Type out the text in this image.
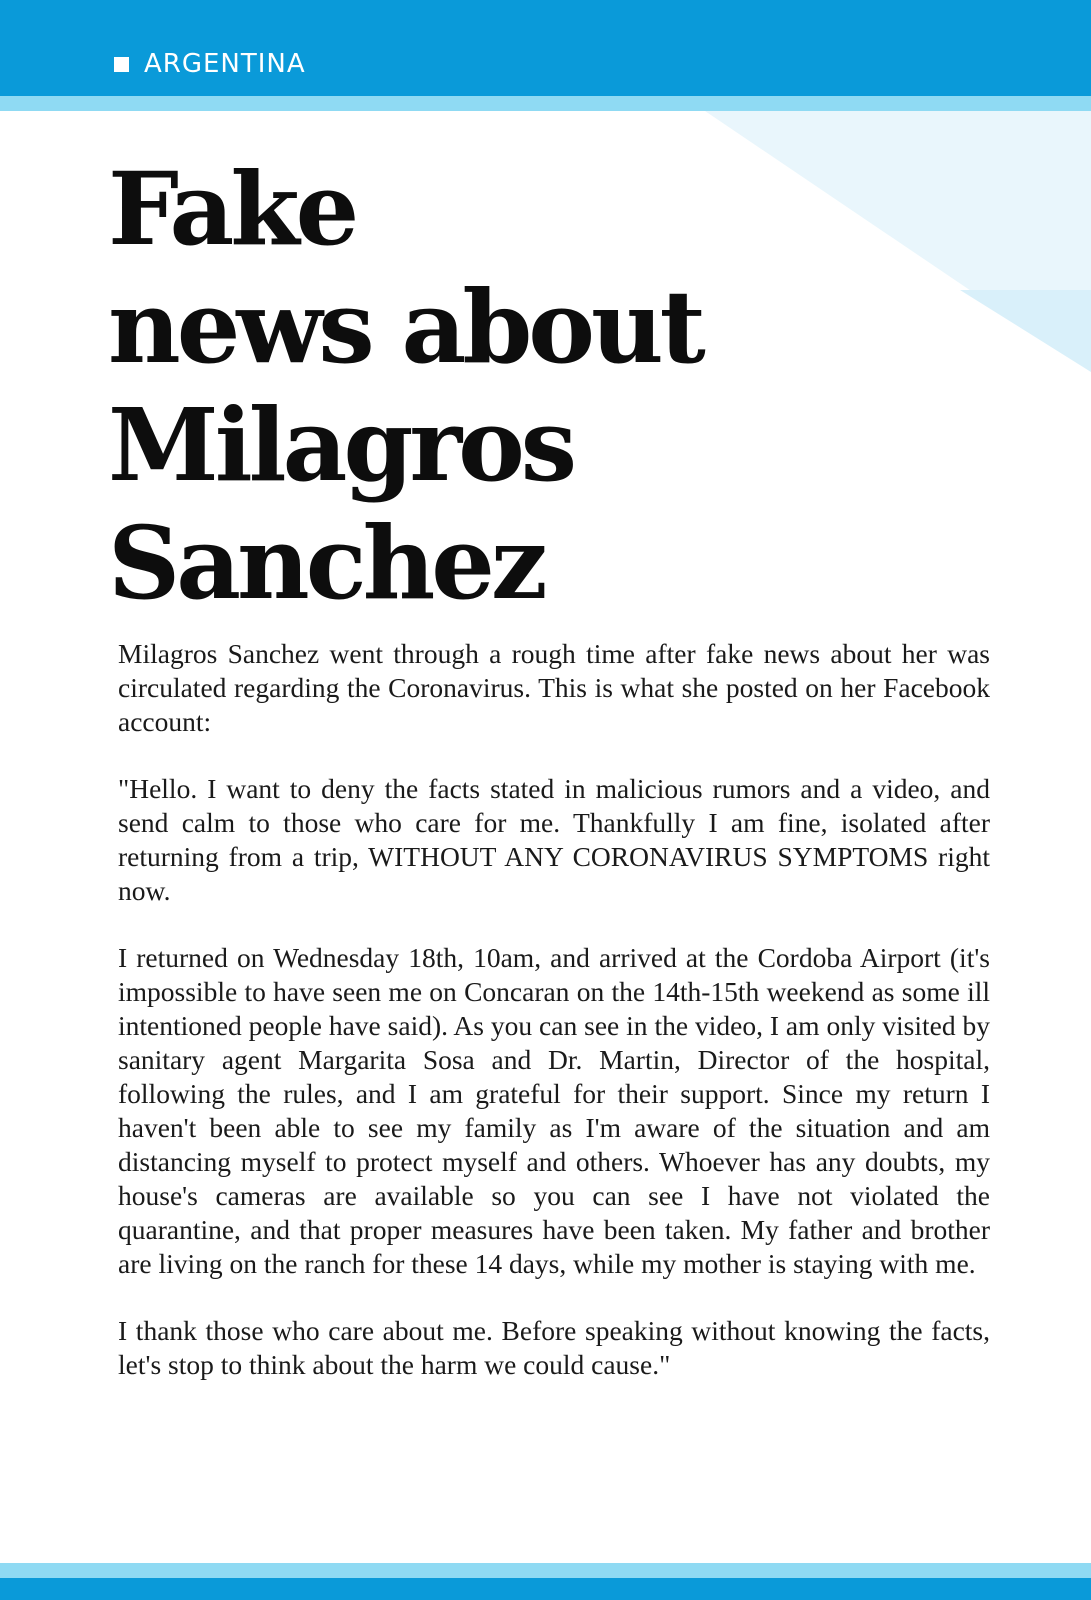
ARGENTINA
Fake
news about
Milagros
Sanchez

Milagros Sanchez went through a rough time after fake news about her was circulated regarding the Coronavirus. This is what she posted on her Facebook account:

"Hello. I want to deny the facts stated in malicious rumors and a video, and send calm to those who care for me. Thankfully I am fine, isolated after returning from a trip, WITHOUT ANY CORONAVIRUS SYMPTOMS right now.

I returned on Wednesday 18th, 10am, and arrived at the Cordoba Airport (it's impossible to have seen me on Concaran on the 14th-15th weekend as some ill intentioned people have said). As you can see in the video, I am only visited by sanitary agent Margarita Sosa and Dr. Martin, Director of the hospital, following the rules, and I am grateful for their support. Since my return I haven't been able to see my family as I'm aware of the situation and am distancing myself to protect myself and others. Whoever has any doubts, my house's cameras are available so you can see I have not violated the quarantine, and that proper measures have been taken. My father and brother are living on the ranch for these 14 days, while my mother is staying with me.

I thank those who care about me. Before speaking without knowing the facts, let's stop to think about the harm we could cause."
